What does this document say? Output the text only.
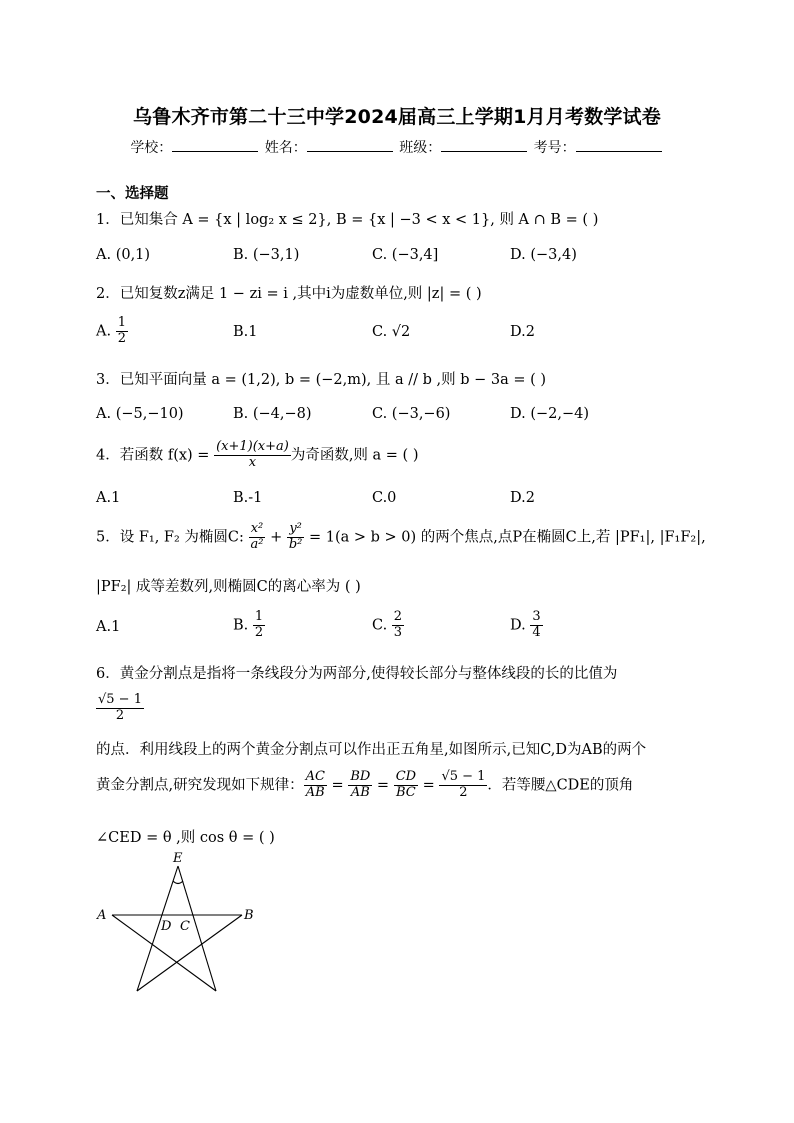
乌鲁木齐市第二十三中学2024届高三上学期1月月考数学试卷
学校：	姓名：	班级：	考号：
一、选择题
1．已知集合 A = {x | log₂ x ≤ 2}, B = {x | −3 < x < 1}, 则 A ∩ B = ( )
A. (0,1)	B. (−3,1)	C. (−3,4]	D. (−3,4)
2．已知复数z满足 1 − zi = i ,其中i为虚数单位,则 |z| = ( )
A. $\frac{1}{2}$	B.1	C. √2	D.2
3．已知平面向量 a = (1,2), b = (−2,m), 且 a // b ,则 b − 3a = ( )
A. (−5,−10)	B. (−4,−8)	C. (−3,−6)	D. (−2,−4)
4．若函数 $f(x) = \frac{(x+1)(x+a)}{x}$ 为奇函数,则 a = ( )
A.1	B.-1	C.0	D.2
5．设 F₁, F₂ 为椭圆C: $\frac{\text{x²}}{\text{a²}} + \frac{\text{y²}}{\text{b²}} = 1(a > b > 0)$ 的两个焦点,点P在椭圆C上,若 |PF₁|, |F₁F₂|,
|PF₂| 成等差数列,则椭圆C的离心率为 ( )
A.1	B. $\frac{1}{2}$	C. $\frac{2}{3}$	D. $\frac{3}{4}$
6．黄金分割点是指将一条线段分为两部分,使得较长部分与整体线段的长的比值为
$\frac{√5 - 1}{2}$
的点．利用线段上的两个黄金分割点可以作出正五角星,如图所示,已知C,D为AB的两个
黄金分割点,研究发现如下规律： $\frac{AC}{AB} = \frac{BD}{AB} = \frac{CD}{BC} = \frac{√5 - 1}{2}$ ．若等腰△CDE的顶角
∠CED = θ ,则 cos θ = ( )
E
A	B
D C
